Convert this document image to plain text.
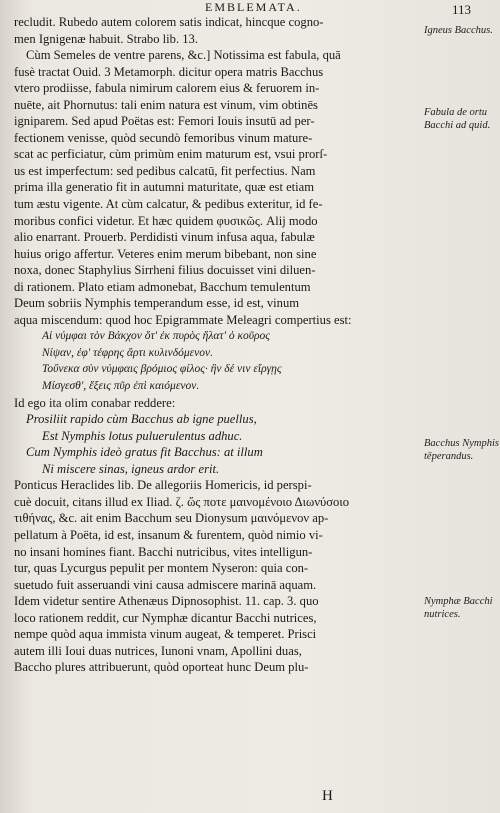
EMBLEMATA.	113
recludit. Rubedo autem colorem satis indicat, hincque cogno-
men Ignigenæ habuit. Strabo lib. 13.
Cùm Semeles de ventre parens, &c.] Notissima est fabula, quā
fusè tractat Ouid. 3 Metamorph. dicitur opera matris Bacchus
vtero prodiisse, fabula nimirum calorem eius & feruorem in-
nuēte, ait Phornutus: tali enim natura est vinum, vim obtinēs
igniparem. Sed apud Poëtas est: Femori Iouis insutū ad per-
fectionem venisse, quòd secundò femoribus vinum mature-
scat ac perficiatur, cùm primùm enim maturum est, vsui prorſ-
us est imperfectum: sed pedibus calcatū, fit perfectius. Nam
prima illa generatio fit in autumni maturitate, quæ est etiam
tum æstu vigente. At cùm calcatur, & pedibus exteritur, id fe-
moribus confici videtur. Et hæc quidem φυσικῶς. Alij modo
alio enarrant. Prouerb. Perdidisti vinum infusa aqua, fabulæ
huius origo affertur. Veteres enim merum bibebant, non sine
noxa, donec Staphylius Sirrheni filius docuisset vini diluen-
di rationem. Plato etiam admonebat, Bacchum temulentum
Deum sobriis Nymphis temperandum esse, id est, vinum
aqua miscendum: quod hoc Epigrammate Meleagri compertius est:
Αἱ νύμφαι τὸν Βάκχον ὅτ' ἐκ πυρὸς ἥλατ' ὁ κοῦρος
Νίψαν, ἐφ' τέφρης ἄρτι κυλινδόμενον.
Τοὔνεκα σὺν νύμφαις βρόμιος φίλος· ἢν δέ νιν εἴργῃς
Μίσγεσθ', ἕξεις πῦρ ἐπὶ καιόμενον.
Id ego ita olim conabar reddere:
Prosiliit rapido cùm Bacchus ab igne puellus,
Est Nymphis lotus puluerulentus adhuc.
Cum Nymphis ideò gratus fit Bacchus: at illum
Ni miscere sinas, igneus ardor erit.
Ponticus Heraclides lib. De allegoriis Homericis, id perspi-
cuè docuit, citans illud ex Iliad. ζ. ὥς ποτε μαινομένοιο Διωνύσοιο
τιθήνας, &c. ait enim Bacchum seu Dionysum μαινόμενον ap-
pellatum à Poëta, id est, insanum & furentem, quòd nimio vi-
no insani homines fiant. Bacchi nutricibus, vites intelligun-
tur, quas Lycurgus pepulit per montem Nyseron: quia con-
suetudo fuit asseruandi vini causa admiscere marinā aquam.
Idem videtur sentire Athenæus Dipnosophist. 11. cap. 3. quo
loco rationem reddit, cur Nymphæ dicantur Bacchi nutrices,
nempe quòd aqua immista vinum augeat, & temperet. Prisci
autem illi Ioui duas nutrices, Iunoni vnam, Apollini duas,
Baccho plures attribuerunt, quòd oporteat hunc Deum plu-
Igneus Bacchus.
Fabula de ortu Bacchi ad quid.
Bacchus Nymphis tēperandus.
Nymphæ Bacchi nutrices.
H
